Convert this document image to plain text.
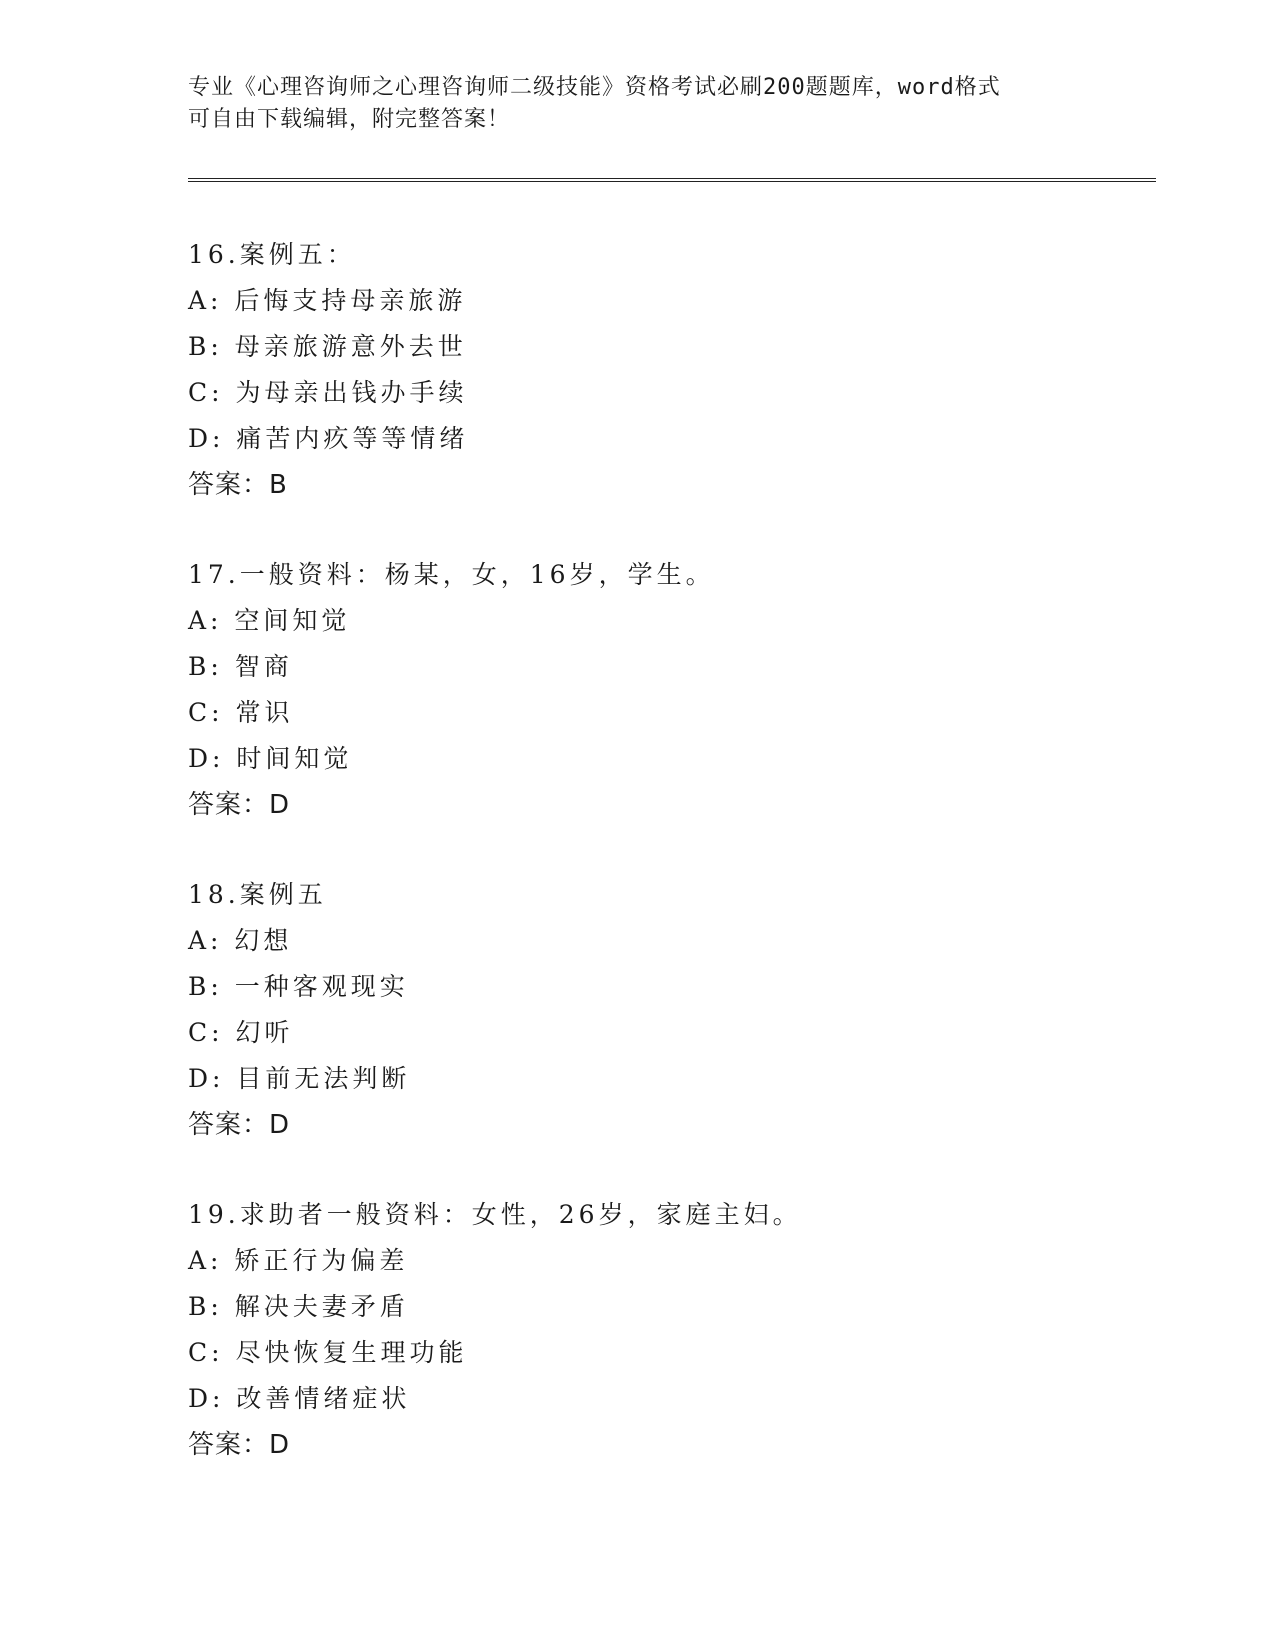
专业《心理咨询师之心理咨询师二级技能》资格考试必刷200题题库，word格式
可自由下载编辑，附完整答案！
16.案例五：
A: 后悔支持母亲旅游
B: 母亲旅游意外去世
C: 为母亲出钱办手续
D: 痛苦内疚等等情绪
答案：B
17.一般资料：杨某，女，16岁，学生。
A: 空间知觉
B: 智商
C: 常识
D: 时间知觉
答案：D
18.案例五
A: 幻想
B: 一种客观现实
C: 幻听
D: 目前无法判断
答案：D
19.求助者一般资料：女性，26岁，家庭主妇。
A: 矫正行为偏差
B: 解决夫妻矛盾
C: 尽快恢复生理功能
D: 改善情绪症状
答案：D
